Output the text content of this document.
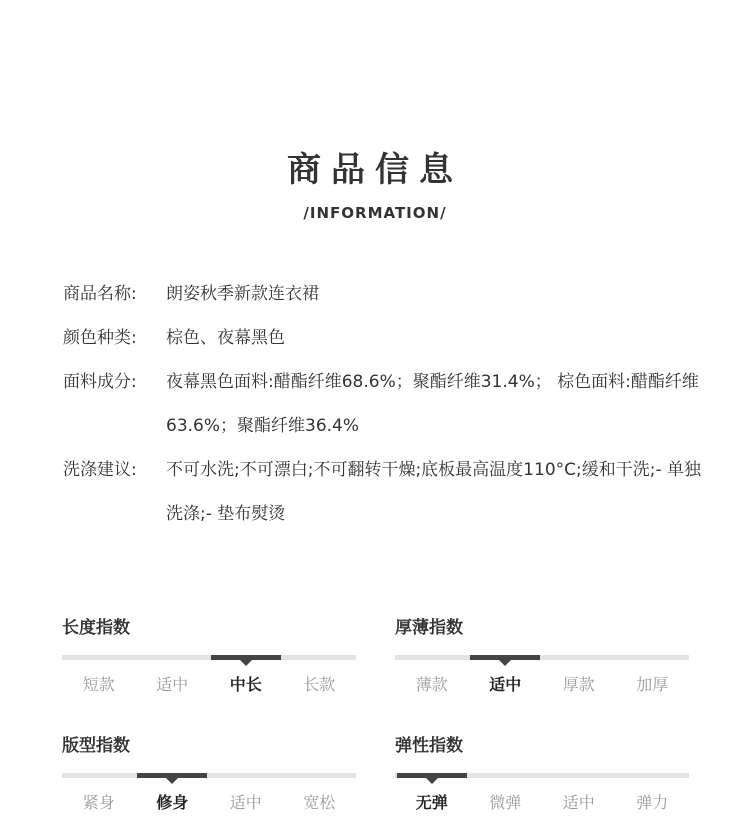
商品信息
/INFORMATION/
商品名称:	朗姿秋季新款连衣裙
颜色种类:	棕色、夜幕黑色
面料成分:	夜幕黑色面料:醋酯纤维68.6%；聚酯纤维31.4%； 棕色面料:醋酯纤维63.6%；聚酯纤维36.4%
洗涤建议:	不可水洗;不可漂白;不可翻转干燥;底板最高温度110°C;缓和干洗;- 单独洗涤;- 垫布熨烫
长度指数
短款	适中	中长	长款
厚薄指数
薄款	适中	厚款	加厚
版型指数
紧身	修身	适中	宽松
弹性指数
无弹	微弹	适中	弹力
